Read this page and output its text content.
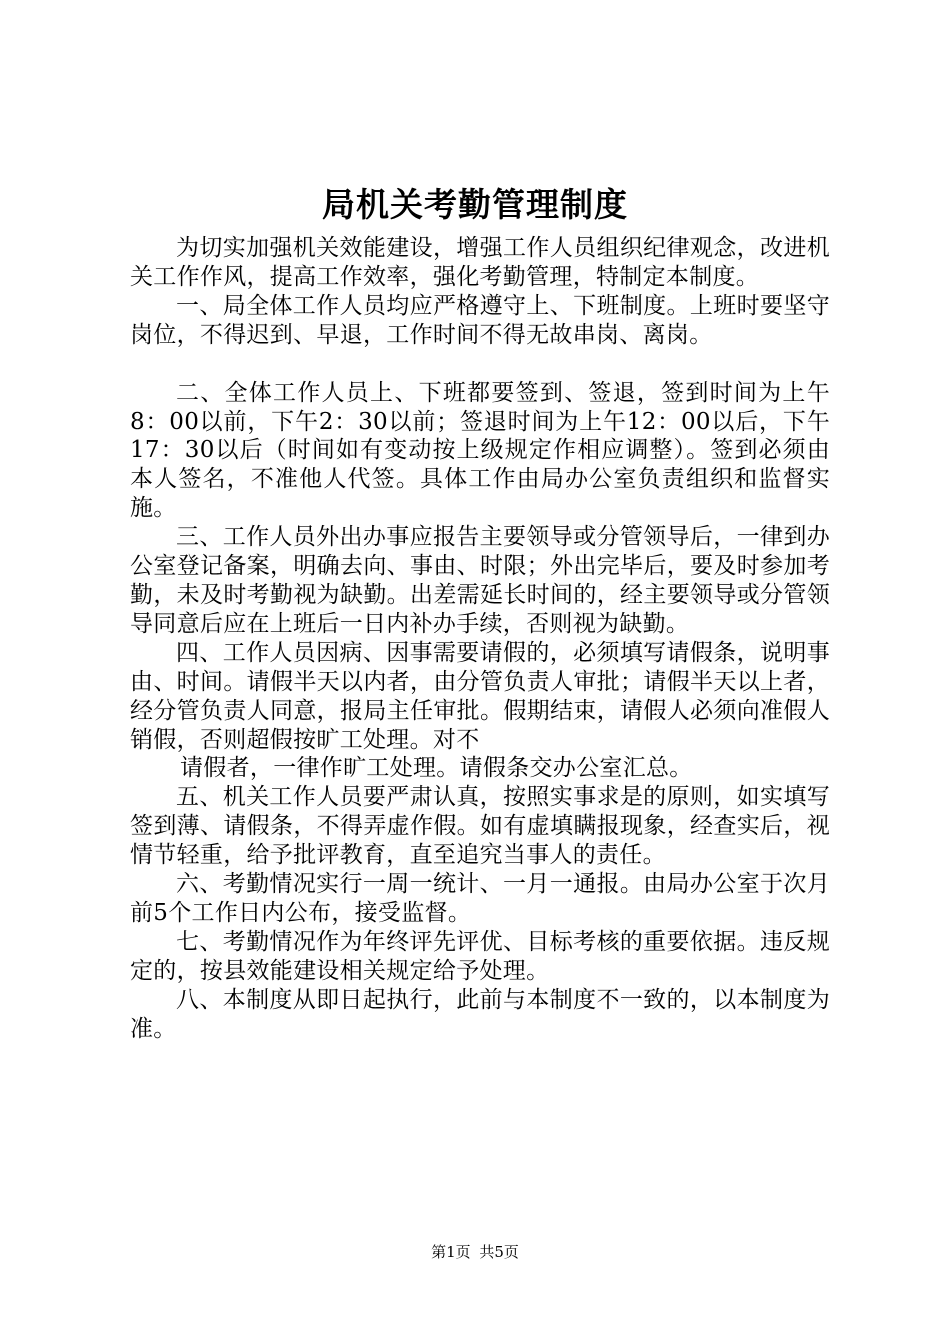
局机关考勤管理制度

为切实加强机关效能建设，增强工作人员组织纪律观念，改进机关工作作风，提高工作效率，强化考勤管理，特制定本制度。

一、局全体工作人员均应严格遵守上、下班制度。上班时要坚守岗位，不得迟到、早退，工作时间不得无故串岗、离岗。

二、全体工作人员上、下班都要签到、签退，签到时间为上午8：00以前，下午2：30以前；签退时间为上午12：00以后，下午17：30以后（时间如有变动按上级规定作相应调整）。签到必须由本人签名，不准他人代签。具体工作由局办公室负责组织和监督实施。

三、工作人员外出办事应报告主要领导或分管领导后，一律到办公室登记备案，明确去向、事由、时限；外出完毕后，要及时参加考勤，未及时考勤视为缺勤。出差需延长时间的，经主要领导或分管领导同意后应在上班后一日内补办手续，否则视为缺勤。

四、工作人员因病、因事需要请假的，必须填写请假条，说明事由、时间。请假半天以内者，由分管负责人审批；请假半天以上者，经分管负责人同意，报局主任审批。假期结束，请假人必须向准假人销假，否则超假按旷工处理。对不

请假者，一律作旷工处理。请假条交办公室汇总。

五、机关工作人员要严肃认真，按照实事求是的原则，如实填写签到薄、请假条，不得弄虚作假。如有虚填瞒报现象，经查实后，视情节轻重，给予批评教育，直至追究当事人的责任。

六、考勤情况实行一周一统计、一月一通报。由局办公室于次月前5个工作日内公布，接受监督。

七、考勤情况作为年终评先评优、目标考核的重要依据。违反规定的，按县效能建设相关规定给予处理。

八、本制度从即日起执行，此前与本制度不一致的，以本制度为准。

第1页 共5页
